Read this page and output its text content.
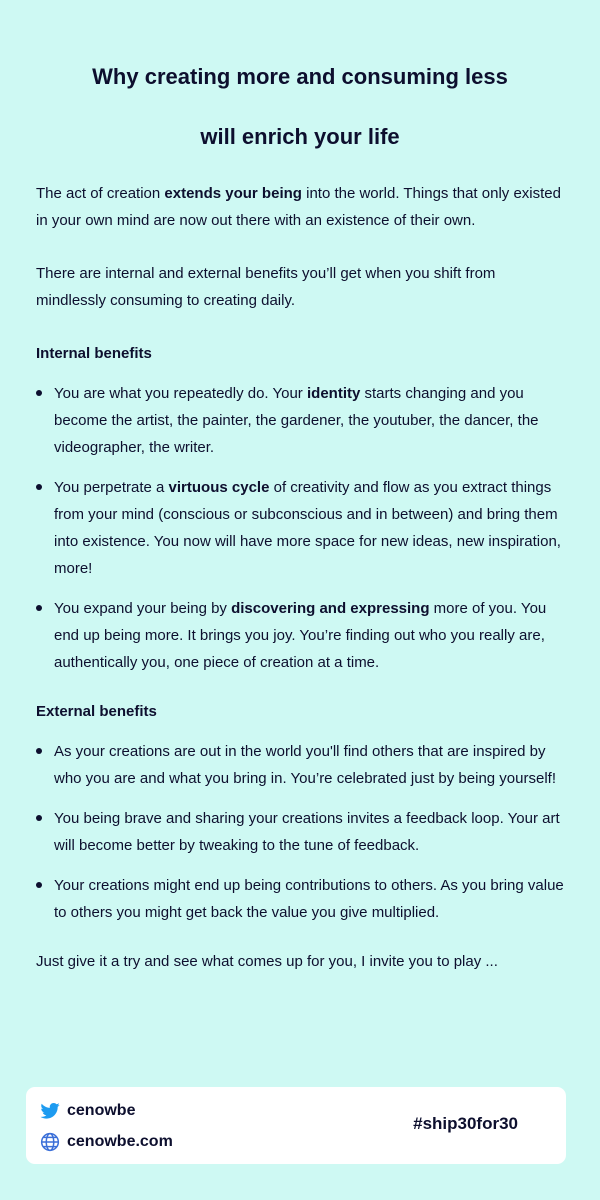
Why creating more and consuming less
will enrich your life

The act of creation extends your being into the world. Things that only existed in your own mind are now out there with an existence of their own.

There are internal and external benefits you’ll get when you shift from mindlessly consuming to creating daily.

Internal benefits
You are what you repeatedly do. Your identity starts changing and you become the artist, the painter, the gardener, the youtuber, the dancer, the videographer, the writer.
You perpetrate a virtuous cycle of creativity and flow as you extract things from your mind (conscious or subconscious and in between) and bring them into existence. You now will have more space for new ideas, new inspiration, more!
You expand your being by discovering and expressing more of you. You end up being more. It brings you joy. You’re finding out who you really are, authentically you, one piece of creation at a time.
External benefits
As your creations are out in the world you'll find others that are inspired by who you are and what you bring in. You’re celebrated just by being yourself!
You being brave and sharing your creations invites a feedback loop. Your art will become better by tweaking to the tune of feedback.
Your creations might end up being contributions to others. As you bring value to others you might get back the value you give multiplied.

Just give it a try and see what comes up for you, I invite you to play ...

cenowbe
cenowbe.com
#ship30for30
